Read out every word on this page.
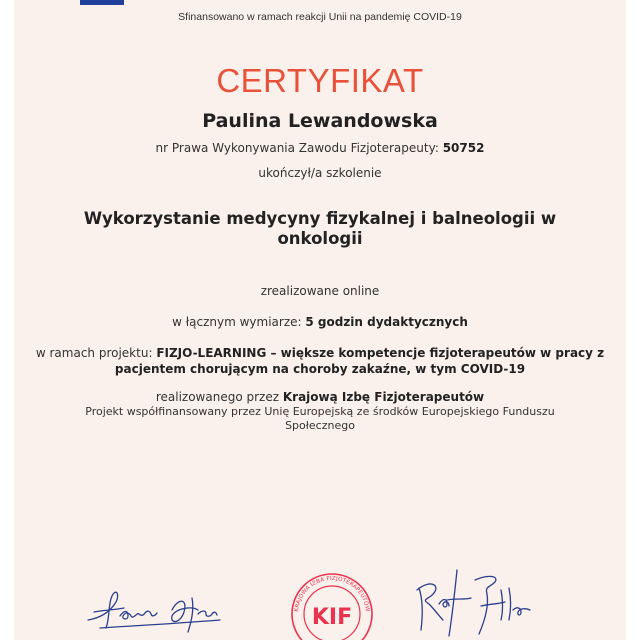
Sfinansowano w ramach reakcji Unii na pandemię COVID-19
CERTYFIKAT
Paulina Lewandowska
nr Prawa Wykonywania Zawodu Fizjoterapeuty: 50752
ukończył/a szkolenie
Wykorzystanie medycyny fizykalnej i balneologii w onkologii
zrealizowane online
w łącznym wymiarze: 5 godzin dydaktycznych
w ramach projektu: FIZJO-LEARNING – większe kompetencje fizjoterapeutów w pracy z pacjentem chorującym na choroby zakaźne, w tym COVID-19
realizowanego przez Krajową Izbę Fizjoterapeutów
Projekt współfinansowany przez Unię Europejską ze środków Europejskiego Funduszu Społecznego
KRAJOWA IZBA FIZJOTERAPEUTÓW
KIF
